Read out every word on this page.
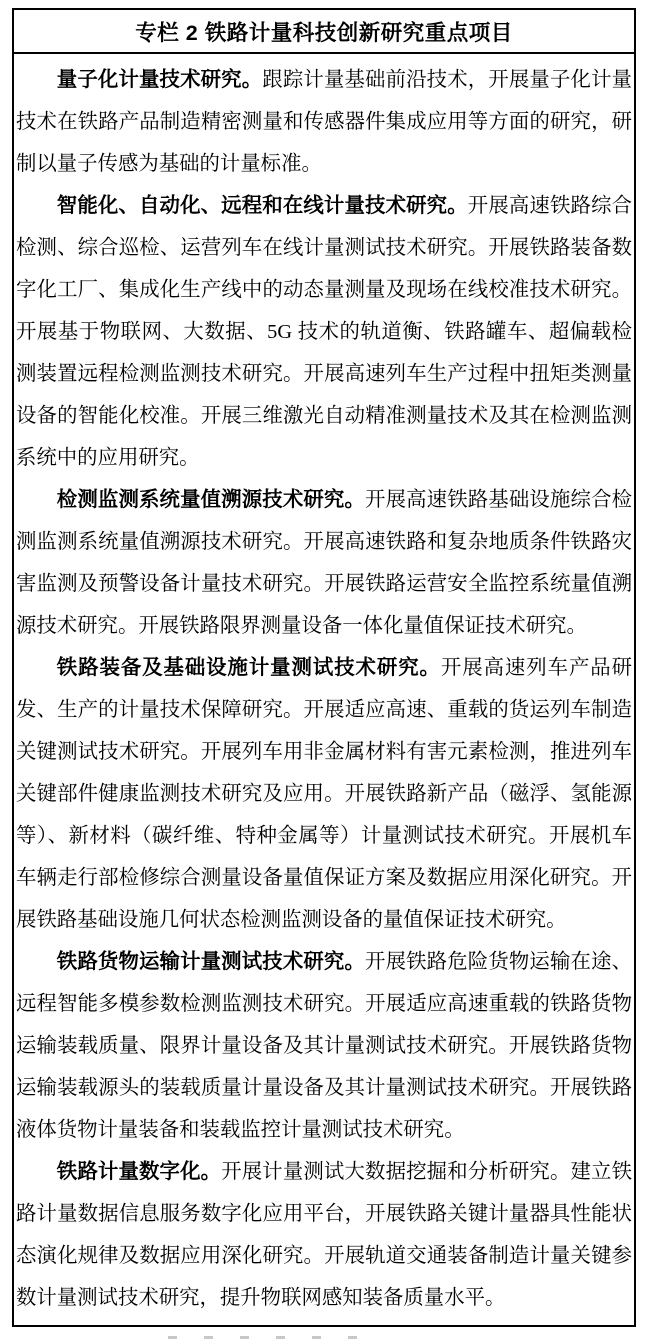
专栏 2 铁路计量科技创新研究重点项目

量子化计量技术研究。跟踪计量基础前沿技术，开展量子化计量技术在铁路产品制造精密测量和传感器件集成应用等方面的研究，研制以量子传感为基础的计量标准。

智能化、自动化、远程和在线计量技术研究。开展高速铁路综合检测、综合巡检、运营列车在线计量测试技术研究。开展铁路装备数字化工厂、集成化生产线中的动态量测量及现场在线校准技术研究。开展基于物联网、大数据、5G 技术的轨道衡、铁路罐车、超偏载检测装置远程检测监测技术研究。开展高速列车生产过程中扭矩类测量设备的智能化校准。开展三维激光自动精准测量技术及其在检测监测系统中的应用研究。

检测监测系统量值溯源技术研究。开展高速铁路基础设施综合检测监测系统量值溯源技术研究。开展高速铁路和复杂地质条件铁路灾害监测及预警设备计量技术研究。开展铁路运营安全监控系统量值溯源技术研究。开展铁路限界测量设备一体化量值保证技术研究。

铁路装备及基础设施计量测试技术研究。开展高速列车产品研发、生产的计量技术保障研究。开展适应高速、重载的货运列车制造关键测试技术研究。开展列车用非金属材料有害元素检测，推进列车关键部件健康监测技术研究及应用。开展铁路新产品（磁浮、氢能源等）、新材料（碳纤维、特种金属等）计量测试技术研究。开展机车车辆走行部检修综合测量设备量值保证方案及数据应用深化研究。开展铁路基础设施几何状态检测监测设备的量值保证技术研究。

铁路货物运输计量测试技术研究。开展铁路危险货物运输在途、远程智能多模参数检测监测技术研究。开展适应高速重载的铁路货物运输装载质量、限界计量设备及其计量测试技术研究。开展铁路货物运输装载源头的装载质量计量设备及其计量测试技术研究。开展铁路液体货物计量装备和装载监控计量测试技术研究。

铁路计量数字化。开展计量测试大数据挖掘和分析研究。建立铁路计量数据信息服务数字化应用平台，开展铁路关键计量器具性能状态演化规律及数据应用深化研究。开展轨道交通装备制造计量关键参数计量测试技术研究，提升物联网感知装备质量水平。
